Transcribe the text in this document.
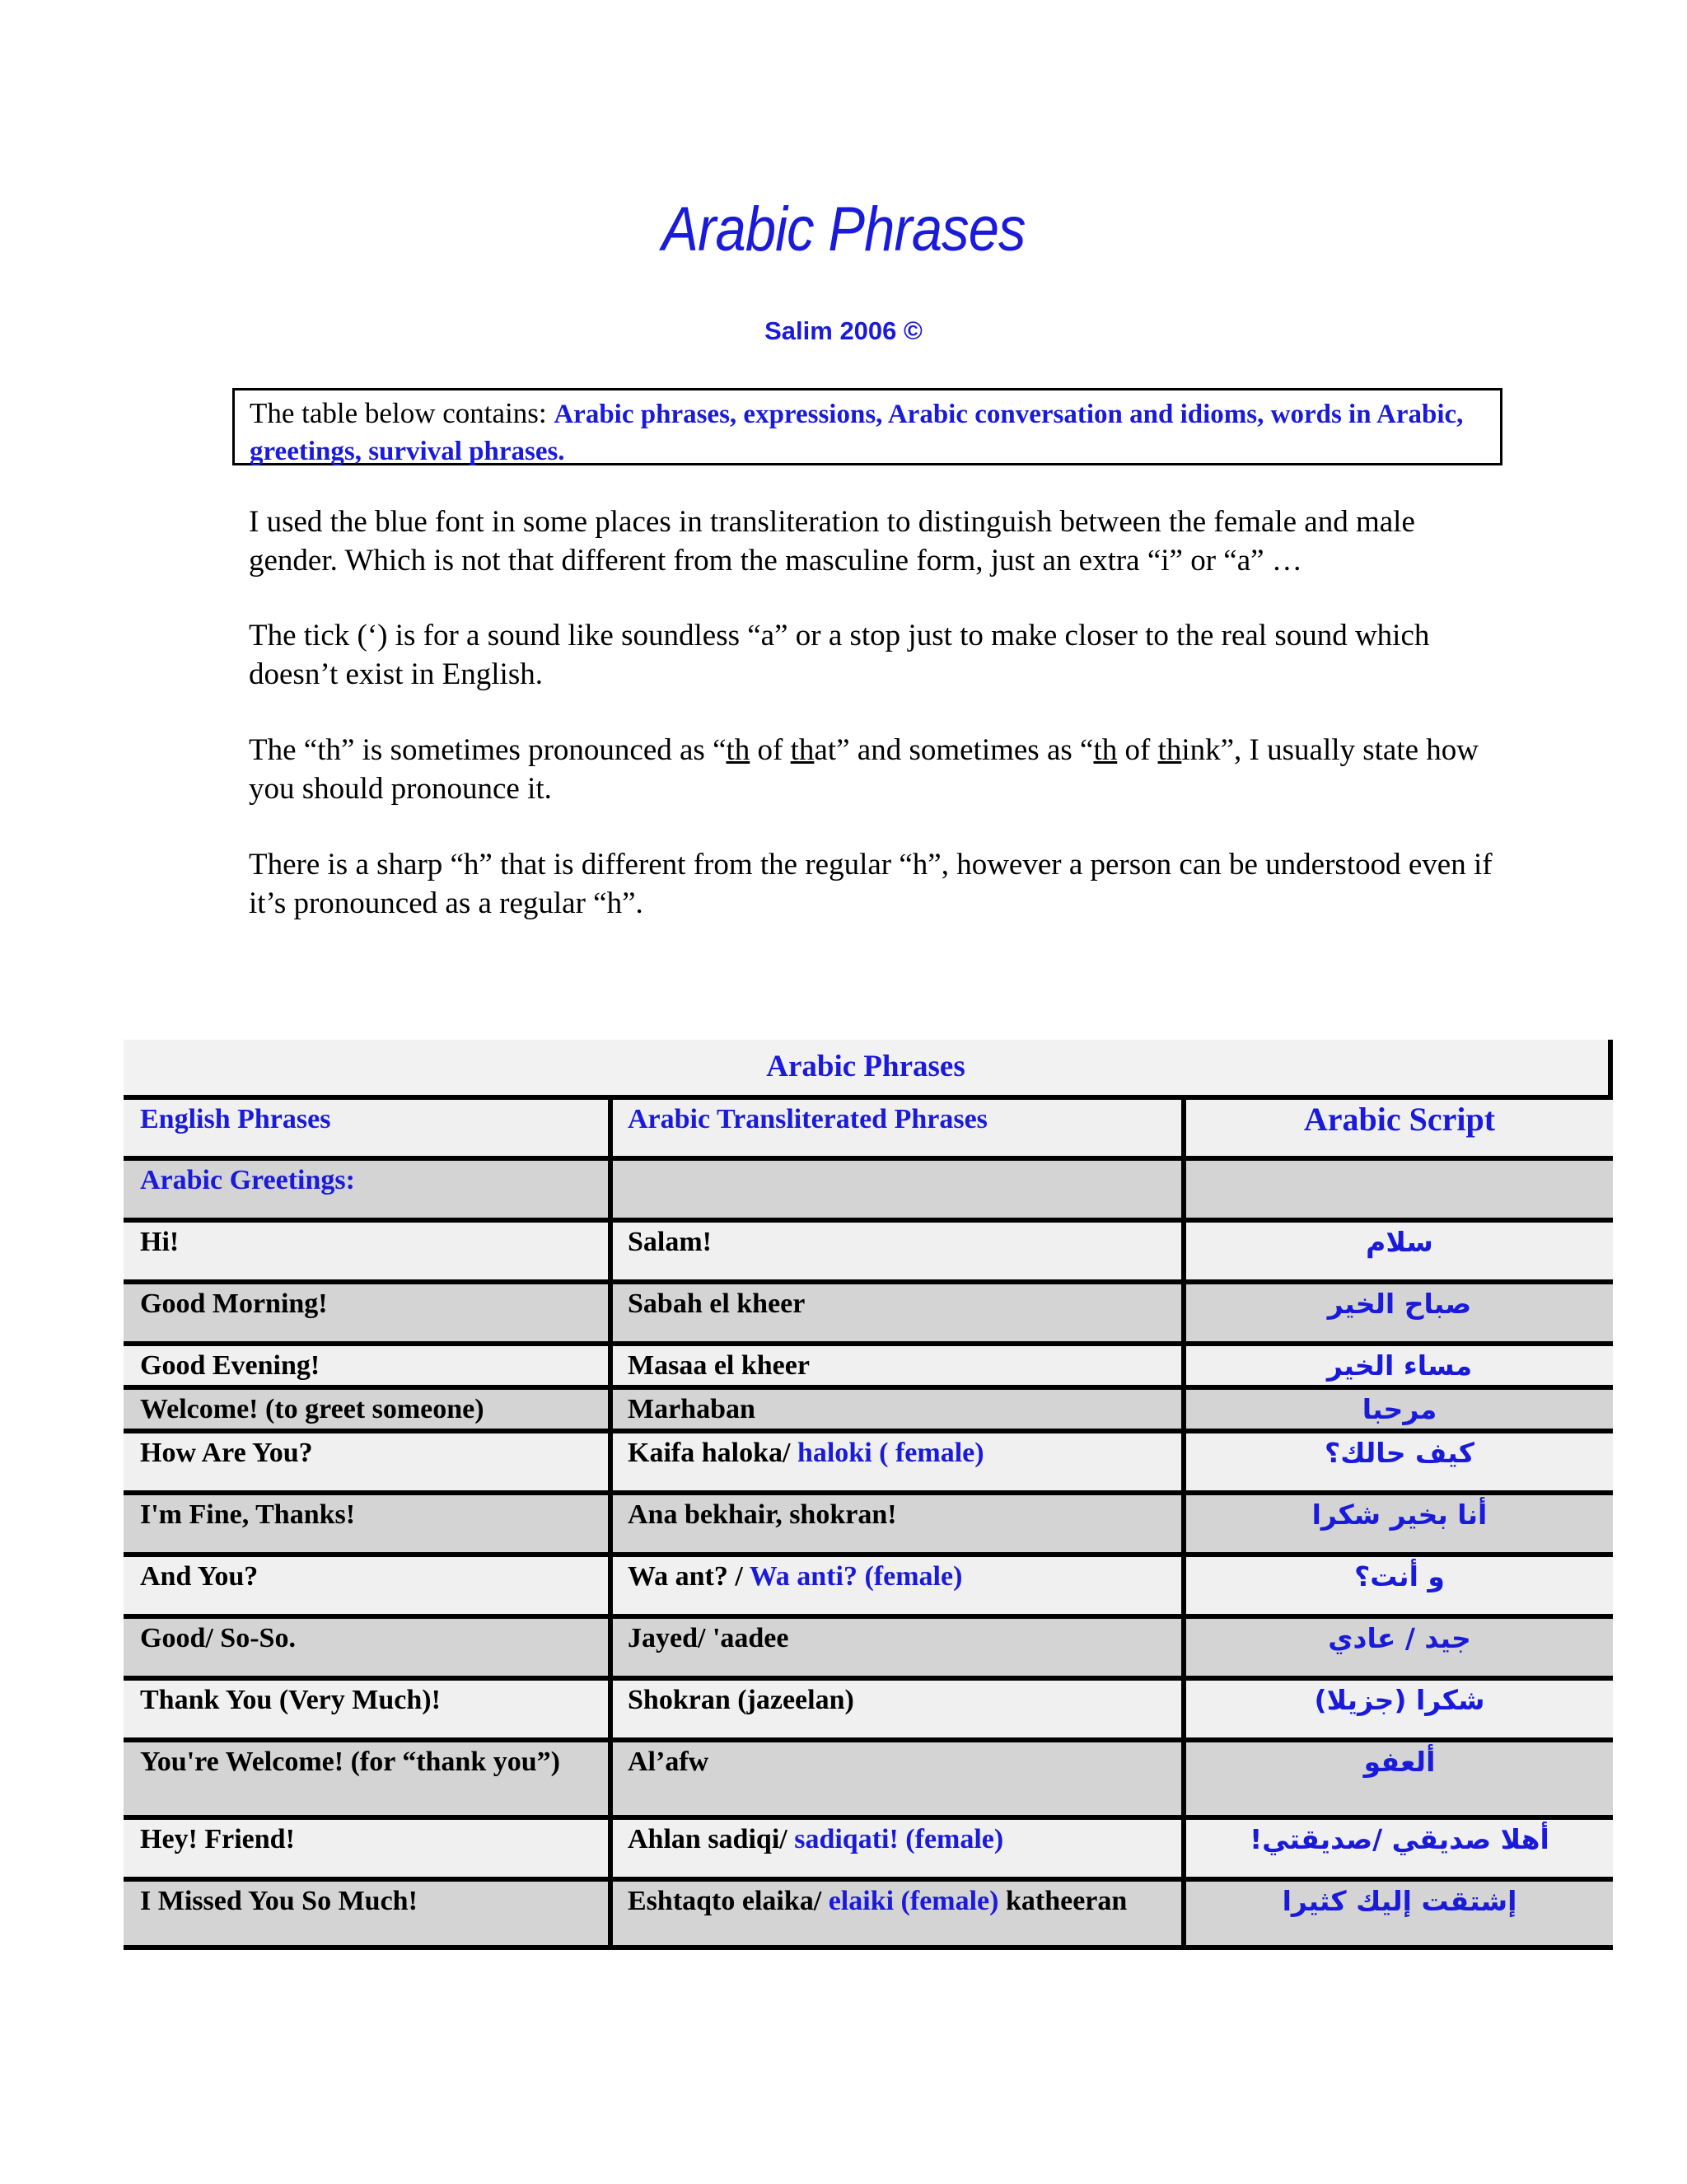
Arabic Phrases
Salim 2006 ©
The table below contains: Arabic phrases, expressions, Arabic conversation and idioms, words in Arabic, greetings, survival phrases.
I used the blue font in some places in transliteration to distinguish between the female and male gender. Which is not that different from the masculine form, just an extra “i” or “a” …
The tick (‘) is for a sound like soundless “a” or a stop just to make closer to the real sound which doesn’t exist in English.
The “th” is sometimes pronounced as “th of that” and sometimes as “th of think”, I usually state how you should pronounce it.
There is a sharp “h” that is different from the regular “h”, however a person can be understood even if it’s pronounced as a regular “h”.
Arabic Phrases
English Phrases	Arabic Transliterated Phrases	Arabic Script
Arabic Greetings:
Hi!	Salam!	سلام
Good Morning!	Sabah el kheer	صباح الخير
Good Evening!	Masaa el kheer	مساء الخير
Welcome! (to greet someone)	Marhaban	مرحبا
How Are You?	Kaifa haloka/ haloki ( female)	كيف حالك؟
I'm Fine, Thanks!	Ana bekhair, shokran!	أنا بخير شكرا
And You?	Wa ant? / Wa anti? (female)	و أنت؟
Good/ So-So.	Jayed/ 'aadee	جيد / عادي
Thank You (Very Much)!	Shokran (jazeelan)	شكرا (جزيلا)
You're Welcome! (for “thank you”)	Al’afw	ألعفو
Hey! Friend!	Ahlan sadiqi/ sadiqati! (female)	أهلا صديقي /صديقتي!
I Missed You So Much!	Eshtaqto elaika/ elaiki (female) katheeran	إشتقت إليك كثيرا
